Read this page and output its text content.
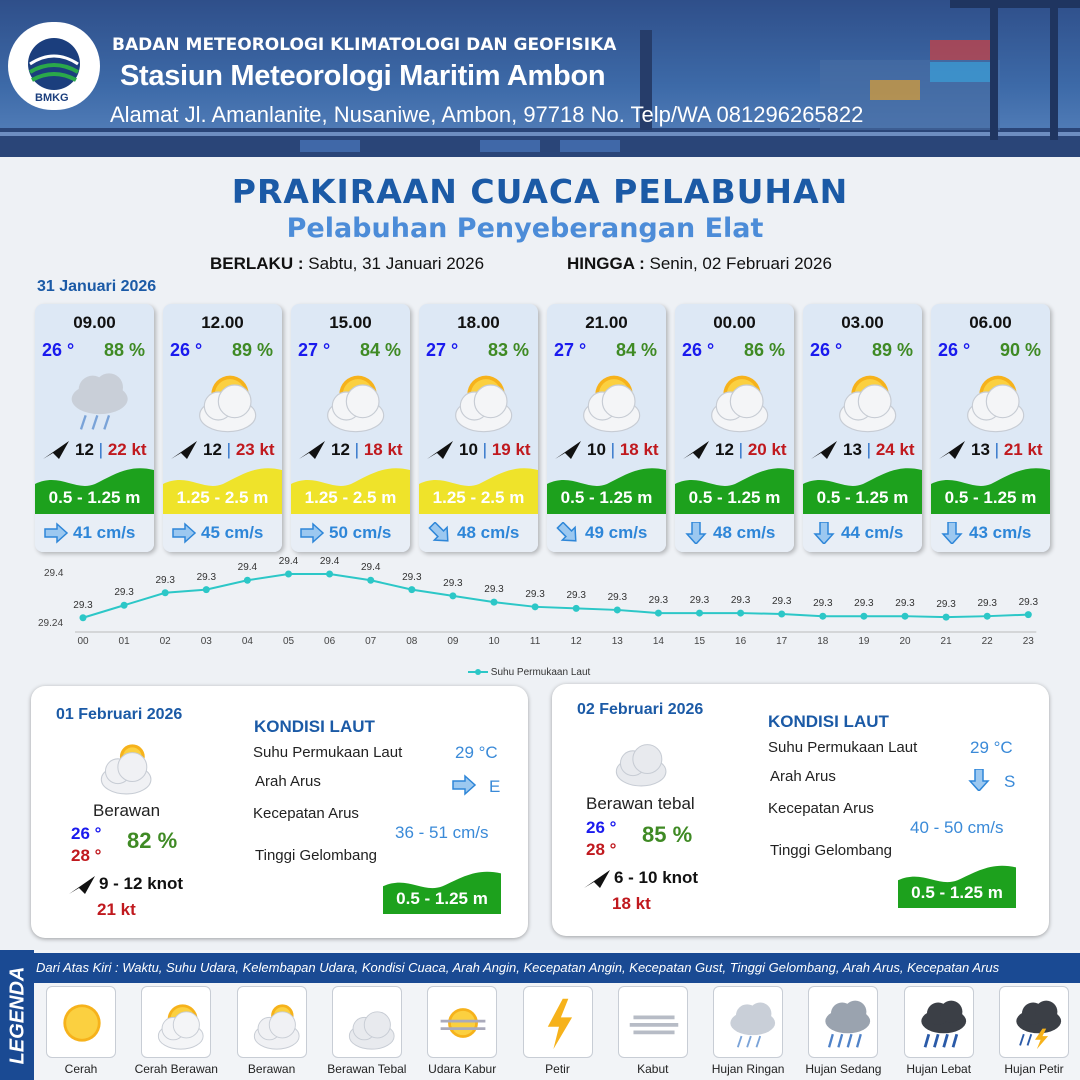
BMKG
BADAN METEOROLOGI KLIMATOLOGI DAN GEOFISIKA
Stasiun Meteorologi Maritim Ambon
Alamat Jl. Amanlanite, Nusaniwe, Ambon, 97718 No. Telp/WA 081296265822
PRAKIRAAN CUACA PELABUHAN
Pelabuhan Penyeberangan Elat
BERLAKU : Sabtu, 31 Januari 2026	HINGGA : Senin, 02 Februari 2026
31 Januari 2026
09.00
26 ° 88 %
12 | 22 kt
0.5 - 1.25 m
41 cm/s
12.00
26 ° 89 %
12 | 23 kt
1.25 - 2.5 m
45 cm/s
15.00
27 ° 84 %
12 | 18 kt
1.25 - 2.5 m
50 cm/s
18.00
27 ° 83 %
10 | 19 kt
1.25 - 2.5 m
48 cm/s
21.00
27 ° 84 %
10 | 18 kt
0.5 - 1.25 m
49 cm/s
00.00
26 ° 86 %
12 | 20 kt
0.5 - 1.25 m
48 cm/s
03.00
26 ° 89 %
13 | 24 kt
0.5 - 1.25 m
44 cm/s
06.00
26 ° 90 %
13 | 21 kt
0.5 - 1.25 m
43 cm/s
29.3
00
29.3
01
29.3
02
29.3
03
29.4
04
29.4
05
29.4
06
29.4
07
29.3
08
29.3
09
29.3
10
29.3
11
29.3
12
29.3
13
29.3
14
29.3
15
29.3
16
29.3
17
29.3
18
29.3
19
29.3
20
29.3
21
29.3
22
29.3
23
29.4
29.24
Suhu Permukaan Laut
01 Februari 2026
Berawan
26 °
28 °
82 %
9 - 12 knot
21 kt
KONDISI LAUT
Suhu Permukaan Laut	29 °C
Arah Arus	E
Kecepatan Arus
36 - 51 cm/s
Tinggi Gelombang
0.5 - 1.25 m
02 Februari 2026
Berawan tebal
26 °
28 °
85 %
6 - 10 knot
18 kt
KONDISI LAUT
Suhu Permukaan Laut	29 °C
Arah Arus	S
Kecepatan Arus
40 - 50 cm/s
Tinggi Gelombang
0.5 - 1.25 m
LEGENDA Dari Atas Kiri : Waktu, Suhu Udara, Kelembapan Udara, Kondisi Cuaca, Arah Angin, Kecepatan Angin, Kecepatan Gust, Tinggi Gelombang, Arah Arus, Kecepatan Arus
Cerah	Cerah Berawan	Berawan	Berawan Tebal	Udara Kabur	Petir	Kabut	Hujan Ringan	Hujan Sedang	Hujan Lebat	Hujan Petir
